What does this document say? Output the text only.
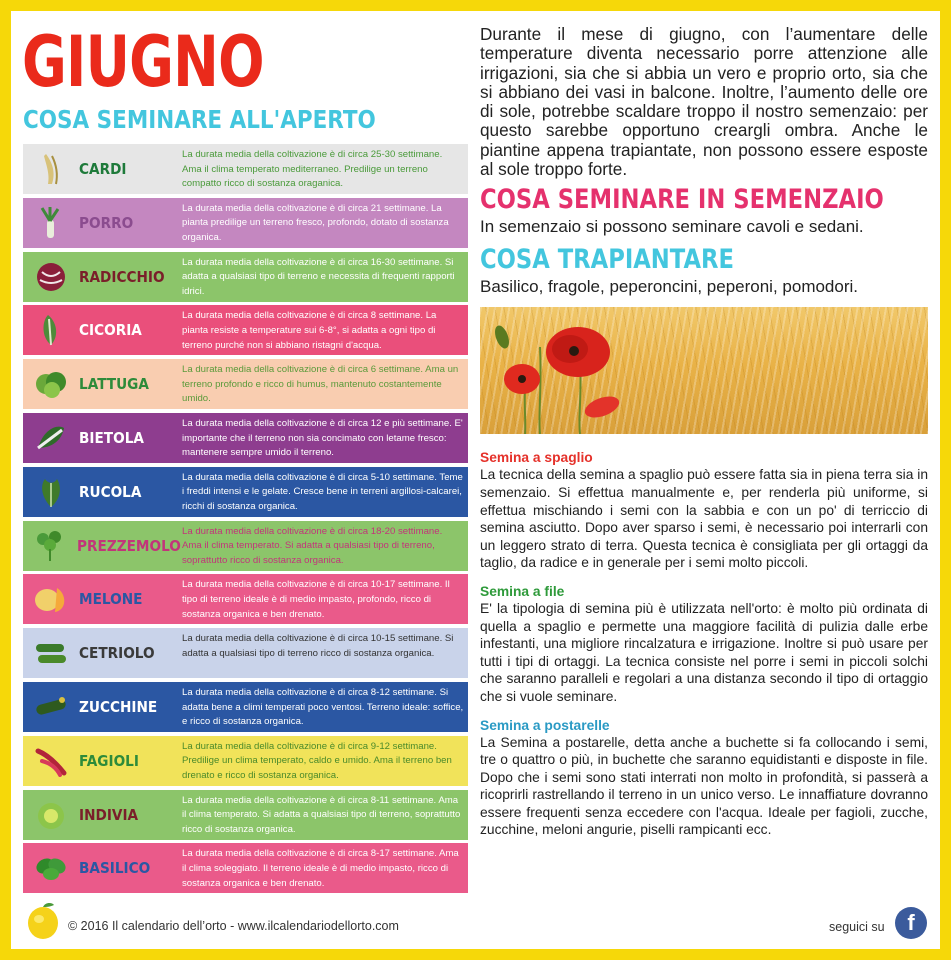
GIUGNO
COSA SEMINARE ALL'APERTO
CARDI
La durata media della coltivazione è di circa 25-30 settimane. Ama il clima temperato mediterraneo. Predilige un terreno compatto ricco di sostanza oraganica.
PORRO
La durata media della coltivazione è di circa 21 settimane. La pianta predilige un terreno fresco, profondo, dotato di sostanza organica.
RADICCHIO
La durata media della coltivazione è di circa 16-30 settimane. Si adatta a qualsiasi tipo di terreno e necessita di frequenti rapporti idrici.
CICORIA
La durata media della coltivazione è di circa 8 settimane. La pianta resiste a temperature sui 6-8°, si adatta a ogni tipo di terreno purché non si abbiano ristagni d'acqua.
LATTUGA
La durata media della coltivazione è di circa 6 settimane. Ama un terreno profondo e ricco di humus, mantenuto costantemente umido.
BIETOLA
La durata media della coltivazione è di circa 12 e più settimane. E' importante che il terreno non sia concimato con letame fresco: mantenere sempre umido il terreno.
RUCOLA
La durata media della coltivazione è di circa 5-10 settimane. Teme i freddi intensi e le gelate. Cresce bene in terreni argillosi-calcarei, ricchi di sostanza organica.
PREZZEMOLO
La durata media della coltivazione è di circa 18-20 settimane. Ama il clima temperato. Si adatta a qualsiasi tipo di terreno, soprattutto ricco di sostanza organica.
MELONE
La durata media della coltivazione è di circa 10-17 settimane. Il tipo di terreno ideale è di medio impasto, profondo, ricco di sostanza organica e ben drenato.
CETRIOLO
La durata media della coltivazione è di circa 10-15 settimane. Si adatta a qualsiasi tipo di terreno ricco di sostanza organica.
ZUCCHINE
La durata media della coltivazione è di circa 8-12 settimane. Si adatta bene a climi temperati poco ventosi. Terreno ideale: soffice, e ricco di sostanza organica.
FAGIOLI
La durata media della coltivazione è di circa 9-12 settimane. Predilige un clima temperato, caldo e umido. Ama il terreno ben drenato e ricco di sostanza organica.
INDIVIA
La durata media della coltivazione è di circa 8-11 settimane. Ama il clima temperato. Si adatta a qualsiasi tipo di terreno, soprattutto ricco di sostanza organica.
BASILICO
La durata media della coltivazione è di circa 8-17 settimane. Ama il clima soleggiato. Il terreno ideale è di medio impasto, ricco di sostanza organica e ben drenato.

Durante il mese di giugno, con l’aumentare delle temperature diventa necessario porre attenzione alle irrigazioni, sia che si abbia un vero e proprio orto, sia che si abbiano dei vasi in balcone. Inoltre, l’aumento delle ore di sole, potrebbe scaldare troppo il nostro semenzaio: per questo sarebbe opportuno creargli ombra. Anche le piantine appena trapiantate, non possono essere esposte al sole troppo forte.

COSA SEMINARE IN SEMENZAIO

In semenzaio si possono seminare cavoli e sedani.

COSA TRAPIANTARE

Basilico, fragole, peperoncini, peperoni, pomodori.

Semina a spaglio

La tecnica della semina a spaglio può essere fatta sia in piena terra sia in semenzaio. Si effettua manualmente e, per renderla più uniforme, si effettua mischiando i semi con la sabbia e con un po' di terriccio di semina asciutto. Dopo aver sparso i semi, è necessario poi interrarli con un leggero strato di terra. Questa tecnica è consigliata per gli ortaggi da taglio, da radice e in generale per i semi molto piccoli.

Semina a file

E' la tipologia di semina più è utilizzata nell'orto: è molto più ordinata di quella a spaglio e permette una maggiore facilità di pulizia dalle erbe infestanti, una migliore rincalzatura e irrigazione. Inoltre si può usare per tutti i tipi di ortaggi. La tecnica consiste nel porre i semi in piccoli solchi che saranno paralleli e regolari a una distanza secondo il tipo di ortaggio che si vuole seminare.

Semina a postarelle

La Semina a postarelle, detta anche a buchette si fa collocando i semi, tre o quattro o più, in buchette che saranno equidistanti e disposte in file. Dopo che i semi sono stati interrati non molto in profondità, si passerà a ricoprirli rastrellando il terreno in un unico verso. Le innaffiature dovranno essere frequenti senza eccedere con l'acqua. Ideale per fagioli, zucche, zucchine, meloni angurie, piselli rampicanti ecc.

© 2016 Il calendario dell’orto - www.ilcalendariodellorto.com	seguici su	f
